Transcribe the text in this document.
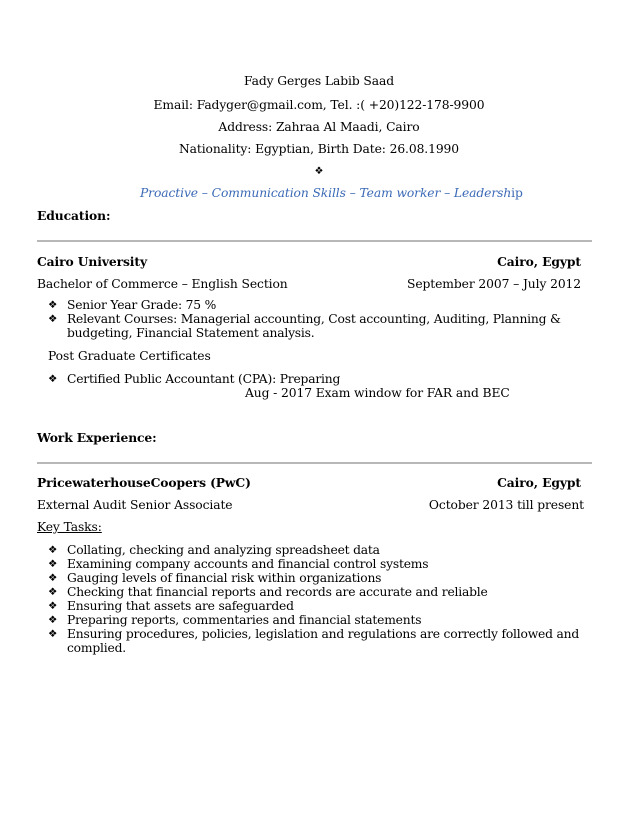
Fady Gerges Labib Saad
Email: Fadyger@gmail.com, Tel. :( +20)122-178-9900
Address: Zahraa Al Maadi, Cairo
Nationality: Egyptian, Birth Date: 26.08.1990
❖
Proactive – Communication Skills – Team worker – Leadership
Education:
Cairo University	Cairo, Egypt
Bachelor of Commerce – English Section	September 2007 – July 2012
❖ Senior Year Grade: 75 %
❖ Relevant Courses: Managerial accounting, Cost accounting, Auditing, Planning & budgeting, Financial Statement analysis.
Post Graduate Certificates
❖ Certified Public Accountant (CPA): Preparing
Aug - 2017 Exam window for FAR and BEC
Work Experience:
PricewaterhouseCoopers (PwC)	Cairo, Egypt
External Audit Senior Associate	October 2013 till present
Key Tasks:
❖ Collating, checking and analyzing spreadsheet data
❖ Examining company accounts and financial control systems
❖ Gauging levels of financial risk within organizations
❖ Checking that financial reports and records are accurate and reliable
❖ Ensuring that assets are safeguarded
❖ Preparing reports, commentaries and financial statements
❖ Ensuring procedures, policies, legislation and regulations are correctly followed and complied.
